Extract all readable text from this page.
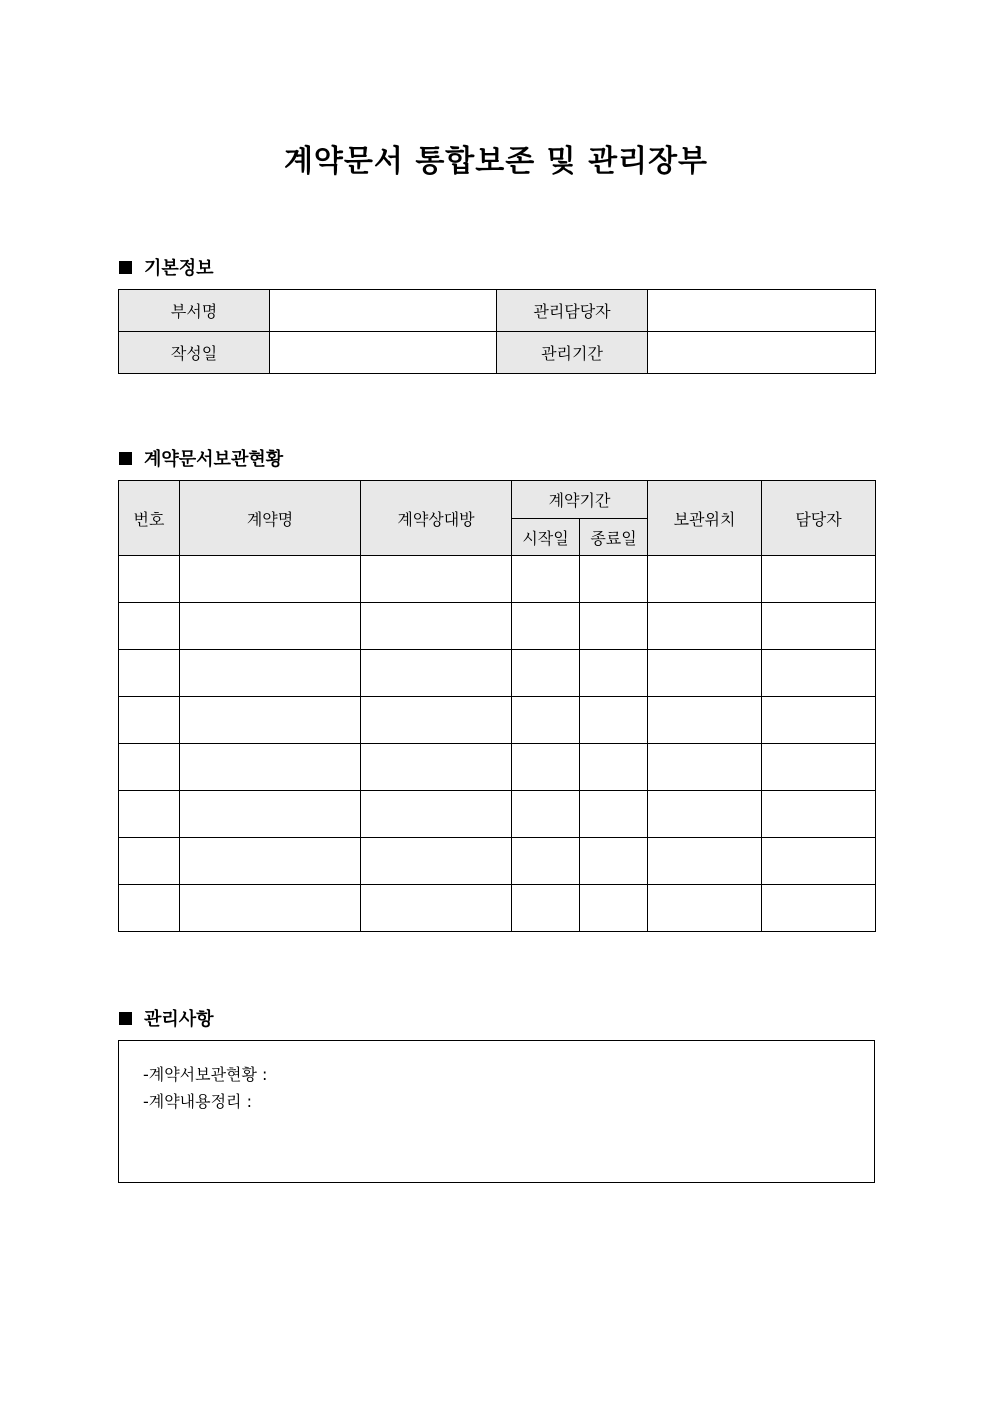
계약문서 통합보존 및 관리장부
기본정보
부서명		관리담당자	
작성일		관리기간	
계약문서보관현황
번호	계약명	계약상대방	계약기간		보관위치	담당자
			시작일	종료일		

관리사항
-계약서보관현황 :
-계약내용정리 :
